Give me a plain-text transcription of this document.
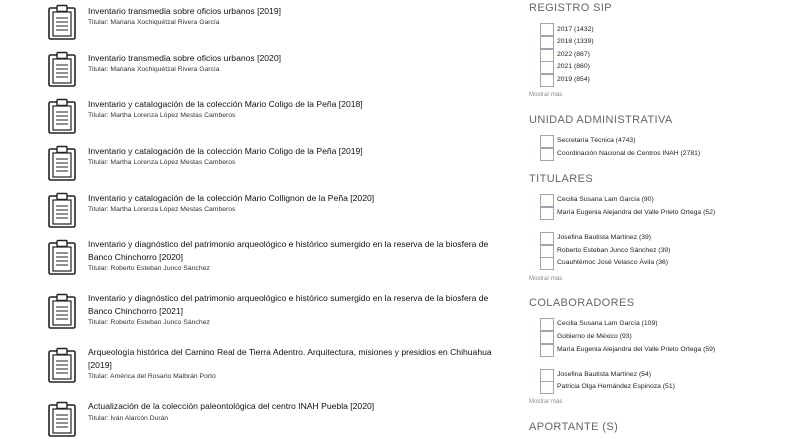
Inventario transmedia sobre oficios urbanos [2019]
Titular: Mariana Xochiquétzal Rivera García
Inventario transmedia sobre oficios urbanos [2020]
Titular: Mariana Xochiquétzal Rivera García
Inventario y catalogación de la colección Mario Coligo de la Peña [2018]
Titular: Martha Lorenza López Mestas Camberos
Inventario y catalogación de la colección Mario Coligo de la Peña [2019]
Titular: Martha Lorenza López Mestas Camberos
Inventario y catalogación de la colección Mario Collignon de la Peña [2020]
Titular: Martha Lorenza López Mestas Camberos
Inventario y diagnóstico del patrimonio arqueológico e histórico sumergido en la reserva de la biosfera de Banco Chinchorro [2020]
Titular: Roberto Esteban Junco Sánchez
Inventario y diagnóstico del patrimonio arqueológico e histórico sumergido en la reserva de la biosfera de Banco Chinchorro [2021]
Titular: Roberto Esteban Junco Sánchez
Arqueología histórica del Camino Real de Tierra Adentro. Arquitectura, misiones y presidios en Chihuahua [2019]
Titular: América del Rosario Malbrán Porto
Actualización de la colección paleontológica del centro INAH Puebla [2020]
Titular: Iván Alarcón Durán
REGISTRO SIP
2017 (1432)
2018 (1339)
2022 (867)
2021 (860)
2019 (854)
Mostrar más
UNIDAD ADMINISTRATIVA
Secretaría Técnica (4743)
Coordinación Nacional de Centros INAH (2781)
TITULARES
Cecilia Susana Lam García (90)
María Eugenia Alejandra del Valle Prieto Ortega (52)
Josefina Bautista Martínez (39)
Roberto Esteban Junco Sánchez (39)
Cuauhtémoc José Velasco Ávila (36)
Mostrar más
COLABORADORES
Cecilia Susana Lam García (109)
Gobierno de México (93)
María Eugenia Alejandra del Valle Prieto Ortega (59)
Josefina Bautista Martínez (54)
Patricia Olga Hernández Espinoza (51)
Mostrar más
APORTANTE (S)
85 INAH
